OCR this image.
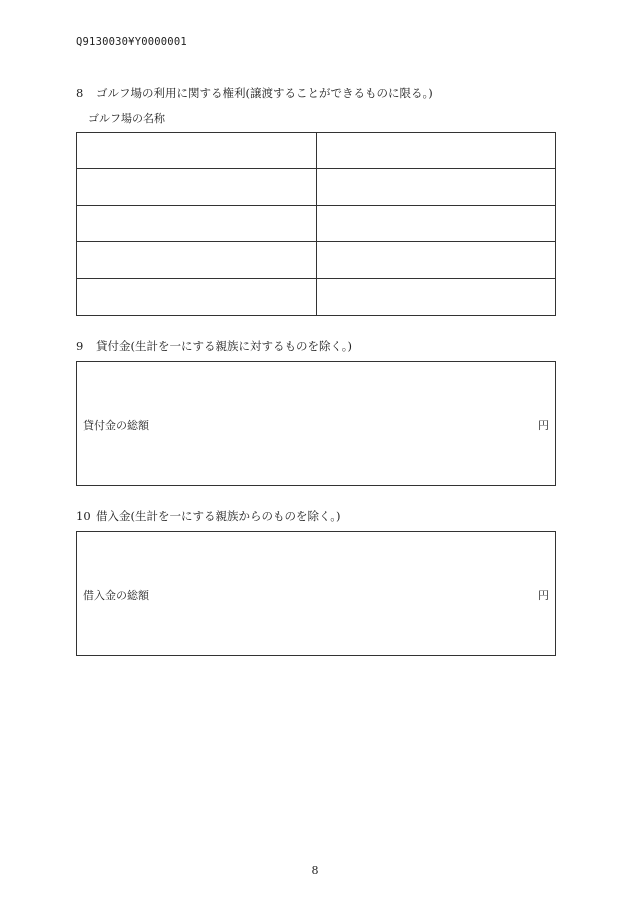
Q9130030¥Y0000001
8 ゴルフ場の利用に関する権利(譲渡することができるものに限る。)
ゴルフ場の名称
9 貸付金(生計を一にする親族に対するものを除く。)
貸付金の総額	円
10 借入金(生計を一にする親族からのものを除く。)
借入金の総額	円
8
